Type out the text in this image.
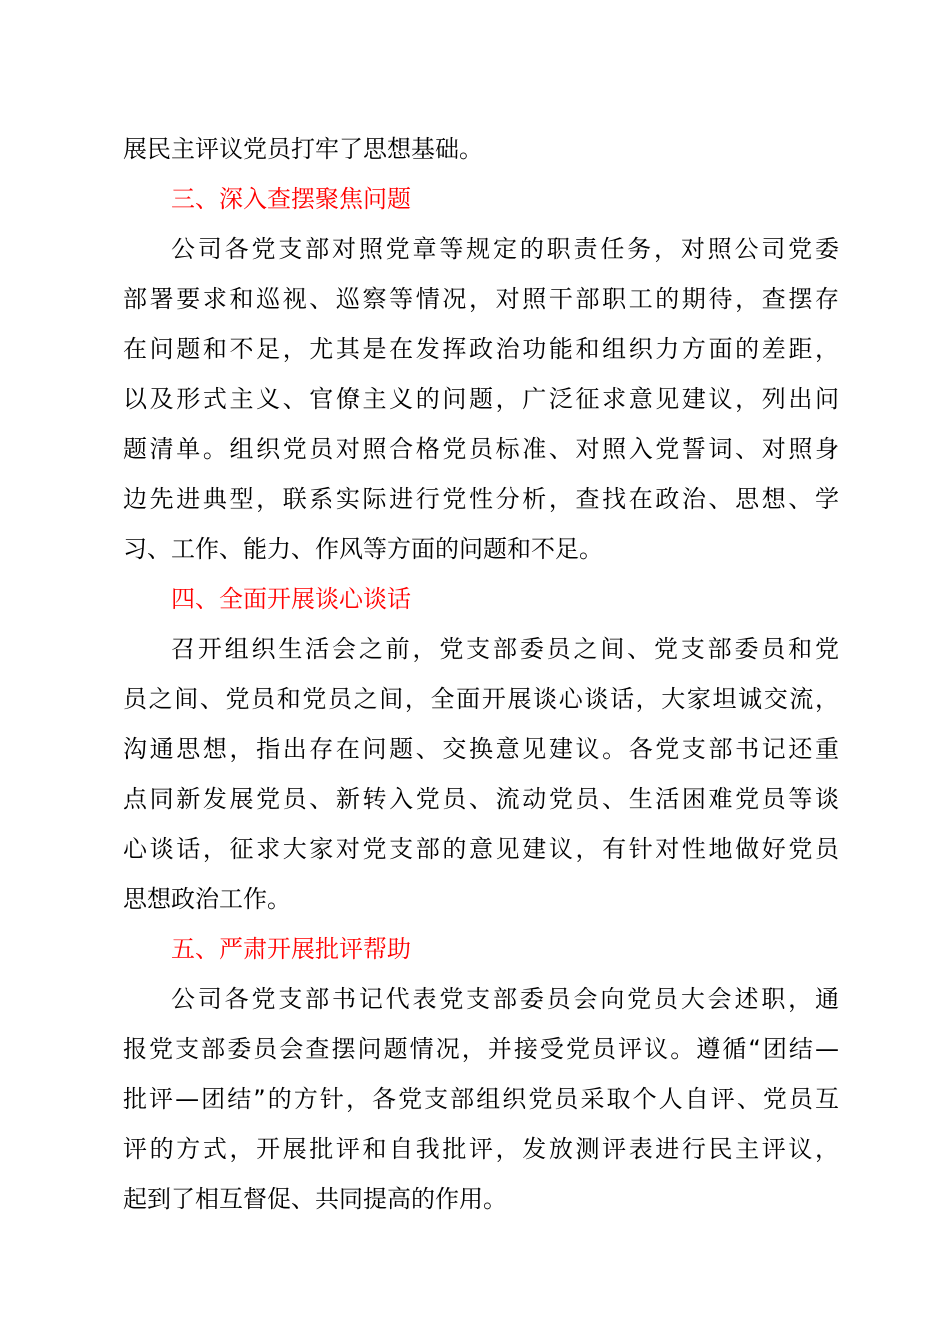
展民主评议党员打牢了思想基础。
三、深入查摆聚焦问题
公司各党支部对照党章等规定的职责任务，对照公司党委
部署要求和巡视、巡察等情况，对照干部职工的期待，查摆存
在问题和不足，尤其是在发挥政治功能和组织力方面的差距，
以及形式主义、官僚主义的问题，广泛征求意见建议，列出问
题清单。组织党员对照合格党员标准、对照入党誓词、对照身
边先进典型，联系实际进行党性分析，查找在政治、思想、学
习、工作、能力、作风等方面的问题和不足。
四、全面开展谈心谈话
召开组织生活会之前，党支部委员之间、党支部委员和党
员之间、党员和党员之间，全面开展谈心谈话，大家坦诚交流，
沟通思想，指出存在问题、交换意见建议。各党支部书记还重
点同新发展党员、新转入党员、流动党员、生活困难党员等谈
心谈话，征求大家对党支部的意见建议，有针对性地做好党员
思想政治工作。
五、严肃开展批评帮助
公司各党支部书记代表党支部委员会向党员大会述职，通
报党支部委员会查摆问题情况，并接受党员评议。遵循“团结—
批评—团结”的方针，各党支部组织党员采取个人自评、党员互
评的方式，开展批评和自我批评，发放测评表进行民主评议，
起到了相互督促、共同提高的作用。
